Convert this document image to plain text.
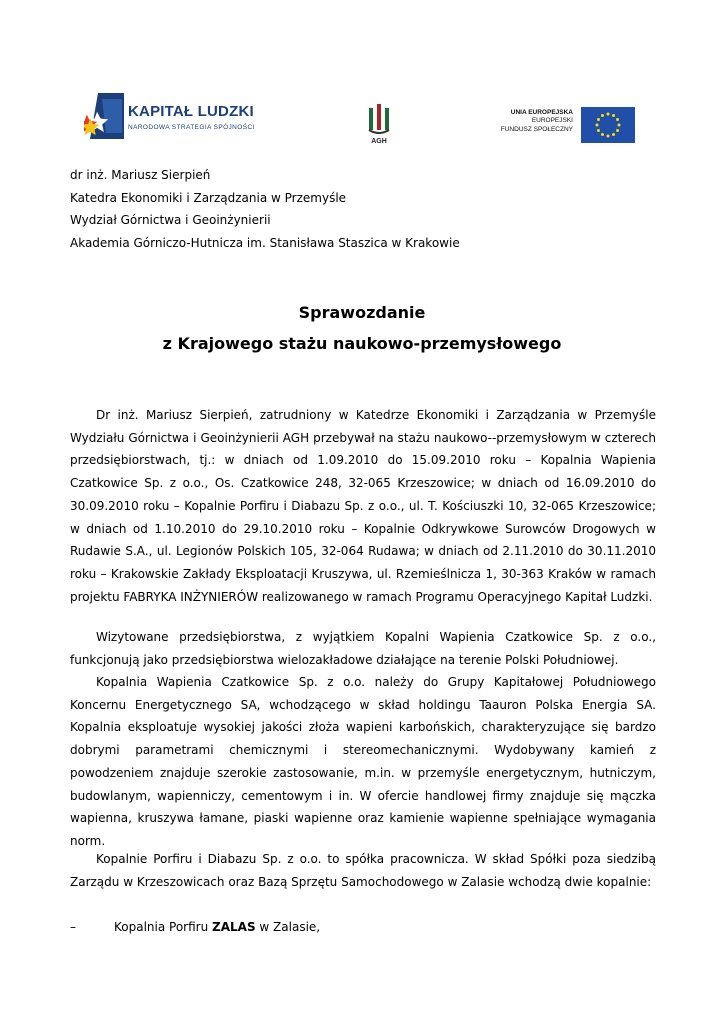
KAPITAŁ LUDZKI
NARODOWA STRATEGIA SPÓJNOŚCI
AGH
UNIA EUROPEJSKA
EUROPEJSKI
FUNDUSZ SPOŁECZNY
dr inż. Mariusz Sierpień
Katedra Ekonomiki i Zarządzania w Przemyśle
Wydział Górnictwa i Geoinżynierii
Akademia Górniczo-Hutnicza im. Stanisława Staszica w Krakowie
Sprawozdanie
z Krajowego stażu naukowo-przemysłowego

Dr inż. Mariusz Sierpień, zatrudniony w Katedrze Ekonomiki i Zarządzania w Przemyśle Wydziału Górnictwa i Geoinżynierii AGH przebywał na stażu naukowo--przemysłowym w czterech przedsiębiorstwach, tj.: w dniach od 1.09.2010 do 15.09.2010 roku – Kopalnia Wapienia Czatkowice Sp. z o.o., Os. Czatkowice 248, 32-065 Krzeszowice; w dniach od 16.09.2010 do 30.09.2010 roku – Kopalnie Porfiru i Diabazu Sp. z o.o., ul. T. Kościuszki 10, 32-065 Krzeszowice; w dniach od 1.10.2010 do 29.10.2010 roku – Kopalnie Odkrywkowe Surowców Drogowych w Rudawie S.A., ul. Legionów Polskich 105, 32-064 Rudawa; w dniach od 2.11.2010 do 30.11.2010 roku – Krakowskie Zakłady Eksploatacji Kruszywa, ul. Rzemieślnicza 1, 30-363 Kraków w ramach projektu FABRYKA INŻYNIERÓW realizowanego w ramach Programu Operacyjnego Kapitał Ludzki.

Wizytowane przedsiębiorstwa, z wyjątkiem Kopalni Wapienia Czatkowice Sp. z o.o., funkcjonują jako przedsiębiorstwa wielozakładowe działające na terenie Polski Południowej.

Kopalnia Wapienia Czatkowice Sp. z o.o. należy do Grupy Kapitałowej Południowego Koncernu Energetycznego SA, wchodzącego w skład holdingu Taauron Polska Energia SA. Kopalnia eksploatuje wysokiej jakości złoża wapieni karbońskich, charakteryzujące się bardzo dobrymi parametrami chemicznymi i stereomechanicznymi. Wydobywany kamień z powodzeniem znajduje szerokie zastosowanie, m.in. w przemyśle energetycznym, hutniczym, budowlanym, wapienniczy, cementowym i in. W ofercie handlowej firmy znajduje się mączka wapienna, kruszywa łamane, piaski wapienne oraz kamienie wapienne spełniające wymagania norm.

Kopalnie Porfiru i Diabazu Sp. z o.o. to spółka pracownicza. W skład Spółki poza siedzibą Zarządu w Krzeszowicach oraz Bazą Sprzętu Samochodowego w Zalasie wchodzą dwie kopalnie:

–	Kopalnia Porfiru ZALAS w Zalasie,
